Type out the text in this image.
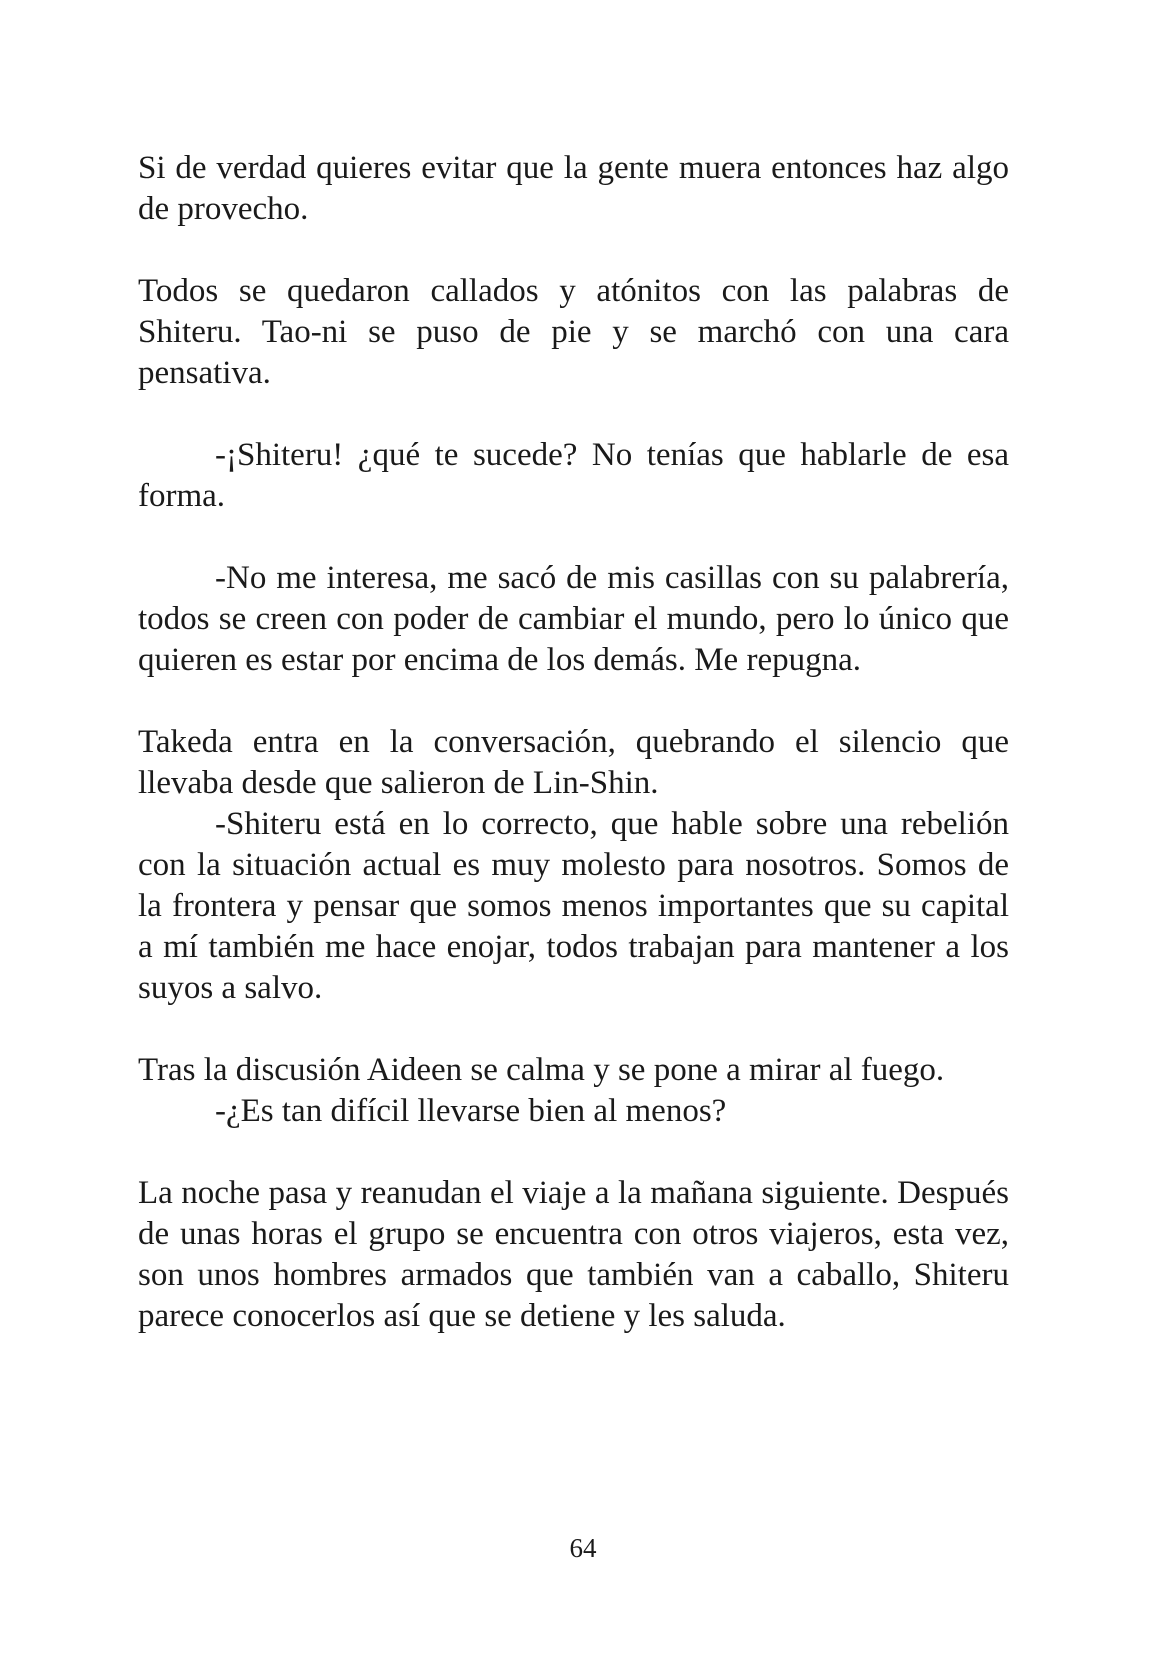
Si de verdad quieres evitar que la gente muera entonces haz algo de provecho.

Todos se quedaron callados y atónitos con las palabras de Shiteru. Tao-ni se puso de pie y se marchó con una cara pensativa.

-¡Shiteru! ¿qué te sucede? No tenías que hablarle de esa forma.

-No me interesa, me sacó de mis casillas con su palabrería, todos se creen con poder de cambiar el mundo, pero lo único que quieren es estar por encima de los demás. Me repugna.

Takeda entra en la conversación, quebrando el silencio que llevaba desde que salieron de Lin-Shin.

-Shiteru está en lo correcto, que hable sobre una rebelión con la situación actual es muy molesto para nosotros. Somos de la frontera y pensar que somos menos importantes que su capital a mí también me hace enojar, todos trabajan para mantener a los suyos a salvo.

Tras la discusión Aideen se calma y se pone a mirar al fuego.

-¿Es tan difícil llevarse bien al menos?

La noche pasa y reanudan el viaje a la mañana siguiente. Después de unas horas el grupo se encuentra con otros viajeros, esta vez, son unos hombres armados que también van a caballo, Shiteru parece conocerlos así que se detiene y les saluda.

64
